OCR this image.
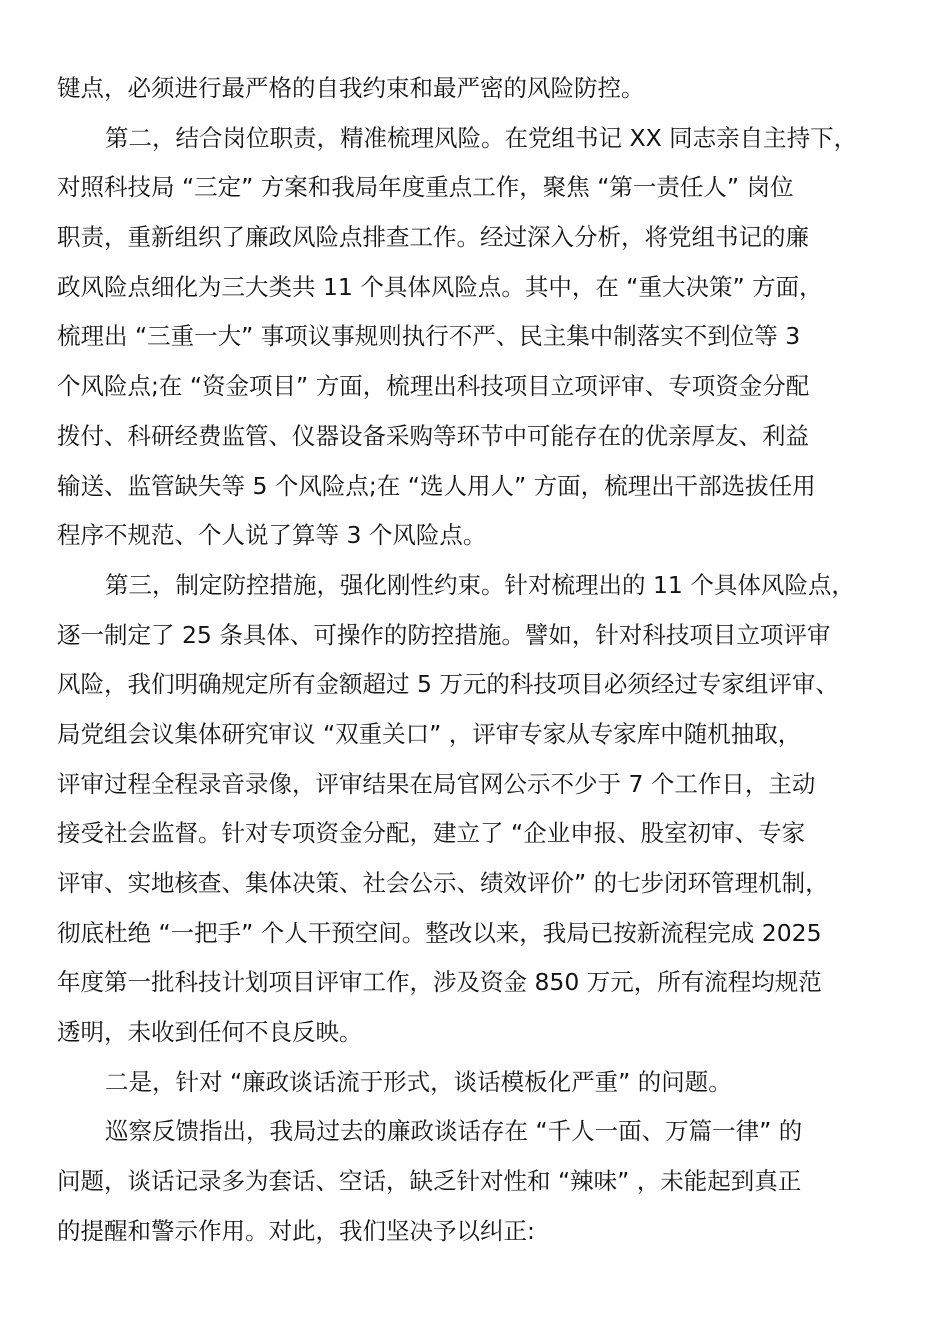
键点，必须进行最严格的自我约束和最严密的风险防控。
第二，结合岗位职责，精准梳理风险。在党组书记 XX 同志亲自主持下，
对照科技局 “三定” 方案和我局年度重点工作，聚焦 “第一责任人” 岗位
职责，重新组织了廉政风险点排查工作。经过深入分析，将党组书记的廉
政风险点细化为三大类共 11 个具体风险点。其中，在 “重大决策” 方面，
梳理出 “三重一大” 事项议事规则执行不严、民主集中制落实不到位等 3
个风险点;在 “资金项目” 方面，梳理出科技项目立项评审、专项资金分配
拨付、科研经费监管、仪器设备采购等环节中可能存在的优亲厚友、利益
输送、监管缺失等 5 个风险点;在 “选人用人” 方面，梳理出干部选拔任用
程序不规范、个人说了算等 3 个风险点。
第三，制定防控措施，强化刚性约束。针对梳理出的 11 个具体风险点，
逐一制定了 25 条具体、可操作的防控措施。譬如，针对科技项目立项评审
风险，我们明确规定所有金额超过 5 万元的科技项目必须经过专家组评审、
局党组会议集体研究审议 “双重关口” ，评审专家从专家库中随机抽取，
评审过程全程录音录像，评审结果在局官网公示不少于 7 个工作日，主动
接受社会监督。针对专项资金分配，建立了 “企业申报、股室初审、专家
评审、实地核查、集体决策、社会公示、绩效评价” 的七步闭环管理机制，
彻底杜绝 “一把手” 个人干预空间。整改以来，我局已按新流程完成 2025
年度第一批科技计划项目评审工作，涉及资金 850 万元，所有流程均规范
透明，未收到任何不良反映。
二是，针对 “廉政谈话流于形式，谈话模板化严重” 的问题。
巡察反馈指出，我局过去的廉政谈话存在 “千人一面、万篇一律” 的
问题，谈话记录多为套话、空话，缺乏针对性和 “辣味” ，未能起到真正
的提醒和警示作用。对此，我们坚决予以纠正:
